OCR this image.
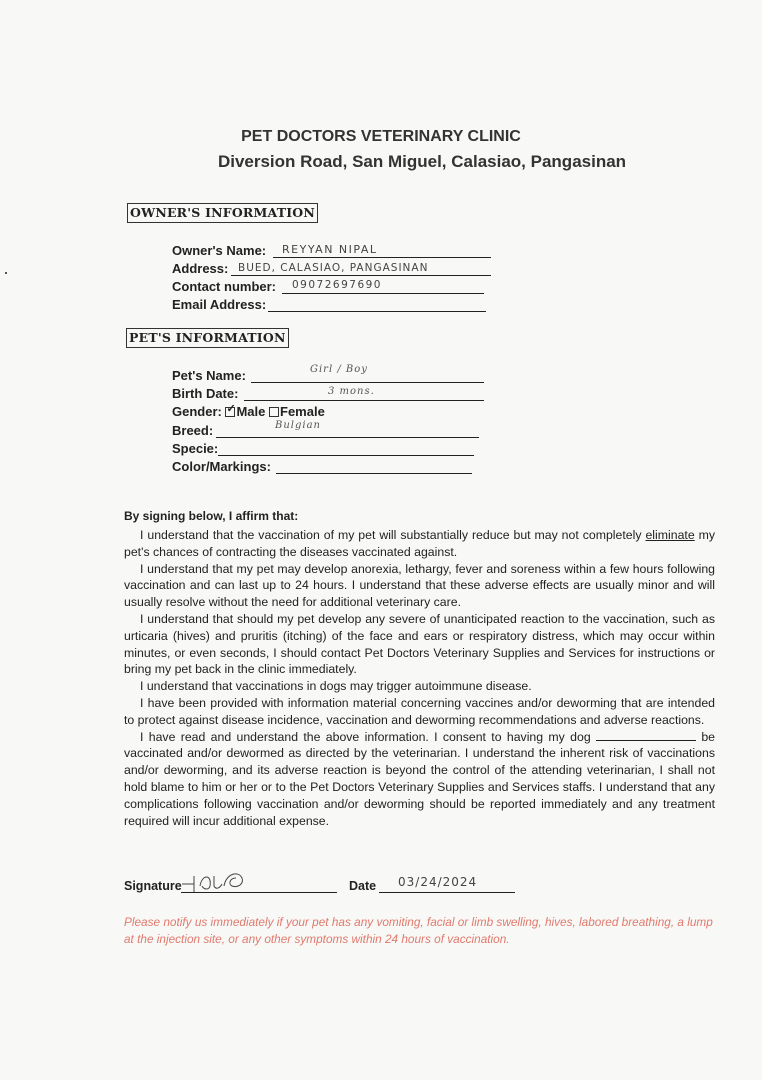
PET DOCTORS VETERINARY CLINIC
Diversion Road, San Miguel, Calasiao, Pangasinan
OWNER'S INFORMATION
Owner's Name: REYYAN NIPAL
Address: BUED, CALASIAO, PANGASINAN
Contact number: 09072697690
Email Address:
PET'S INFORMATION
Pet's Name:	Girl / Boy
Birth Date:	3 mons.
Gender: ✓ Male Female
Breed:	Bulgian
Specie:
Color/Markings:
By signing below, I affirm that:

I understand that the vaccination of my pet will substantially reduce but may not completely eliminate my pet's chances of contracting the diseases vaccinated against.

I understand that my pet may develop anorexia, lethargy, fever and soreness within a few hours following vaccination and can last up to 24 hours. I understand that these adverse effects are usually minor and will usually resolve without the need for additional veterinary care.

I understand that should my pet develop any severe of unanticipated reaction to the vaccination, such as urticaria (hives) and pruritis (itching) of the face and ears or respiratory distress, which may occur within minutes, or even seconds, I should contact Pet Doctors Veterinary Supplies and Services for instructions or bring my pet back in the clinic immediately.

I understand that vaccinations in dogs may trigger autoimmune disease.

I have been provided with information material concerning vaccines and/or deworming that are intended to protect against disease incidence, vaccination and deworming recommendations and adverse reactions.

I have read and understand the above information. I consent to having my dog	be vaccinated and/or dewormed as directed by the veterinarian. I understand the inherent risk of vaccinations and/or deworming, and its adverse reaction is beyond the control of the attending veterinarian, I shall not hold blame to him or her or to the Pet Doctors Veterinary Supplies and Services staffs. I understand that any complications following vaccination and/or deworming should be reported immediately and any treatment required will incur additional expense.

Signature	Date 03/24/2024
Please notify us immediately if your pet has any vomiting, facial or limb swelling, hives, labored breathing, a lump at the injection site, or any other symptoms within 24 hours of vaccination.
